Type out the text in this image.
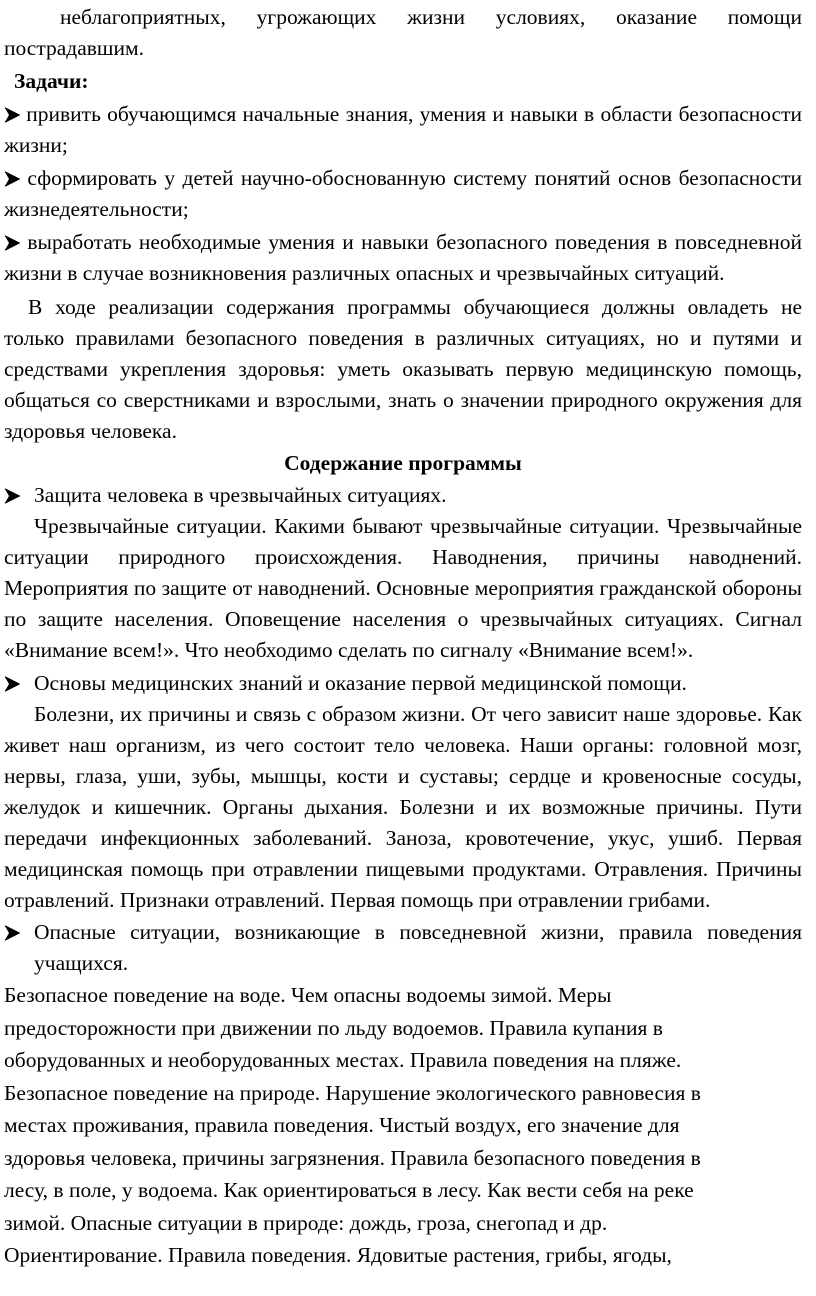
неблагоприятных, угрожающих жизни условиях, оказание помощи

пострадавшим.

Задачи:

привить обучающимся начальные знания, умения и навыки в области безопасности жизни;

сформировать у детей научно-обоснованную систему понятий основ безопасности жизнедеятельности;

выработать необходимые умения и навыки безопасного поведения в повседневной жизни в случае возникновения различных опасных и чрезвычайных ситуаций.

В ходе реализации содержания программы обучающиеся должны овладеть не только правилами безопасного поведения в различных ситуациях, но и путями и средствами укрепления здоровья: уметь оказывать первую медицинскую помощь, общаться со сверстниками и взрослыми, знать о значении природного окружения для здоровья человека.

Содержание программы

Защита человека в чрезвычайных ситуациях.

Чрезвычайные ситуации. Какими бывают чрезвычайные ситуации. Чрезвычайные ситуации природного происхождения. Наводнения, причины наводнений. Мероприятия по защите от наводнений. Основные мероприятия гражданской обороны по защите населения. Оповещение населения о чрезвычайных ситуациях. Сигнал «Внимание всем!». Что необходимо сделать по сигналу «Внимание всем!».

Основы медицинских знаний и оказание первой медицинской помощи.

Болезни, их причины и связь с образом жизни. От чего зависит наше здоровье. Как живет наш организм, из чего состоит тело человека. Наши органы: головной мозг, нервы, глаза, уши, зубы, мышцы, кости и суставы; сердце и кровеносные сосуды, желудок и кишечник. Органы дыхания. Болезни и их возможные причины. Пути передачи инфекционных заболеваний. Заноза, кровотечение, укус, ушиб. Первая медицинская помощь при отравлении пищевыми продуктами. Отравления. Причины отравлений. Признаки отравлений. Первая помощь при отравлении грибами.

Опасные ситуации, возникающие в повседневной жизни, правила поведения учащихся.

Безопасное поведение на воде. Чем опасны водоемы зимой. Меры

предосторожности при движении по льду водоемов. Правила купания в

оборудованных и необорудованных местах. Правила поведения на пляже.

Безопасное поведение на природе. Нарушение экологического равновесия в

местах проживания, правила поведения. Чистый воздух, его значение для

здоровья человека, причины загрязнения. Правила безопасного поведения в

лесу, в поле, у водоема. Как ориентироваться в лесу. Как вести себя на реке

зимой. Опасные ситуации в природе: дождь, гроза, снегопад и др.

Ориентирование. Правила поведения. Ядовитые растения, грибы, ягоды,
